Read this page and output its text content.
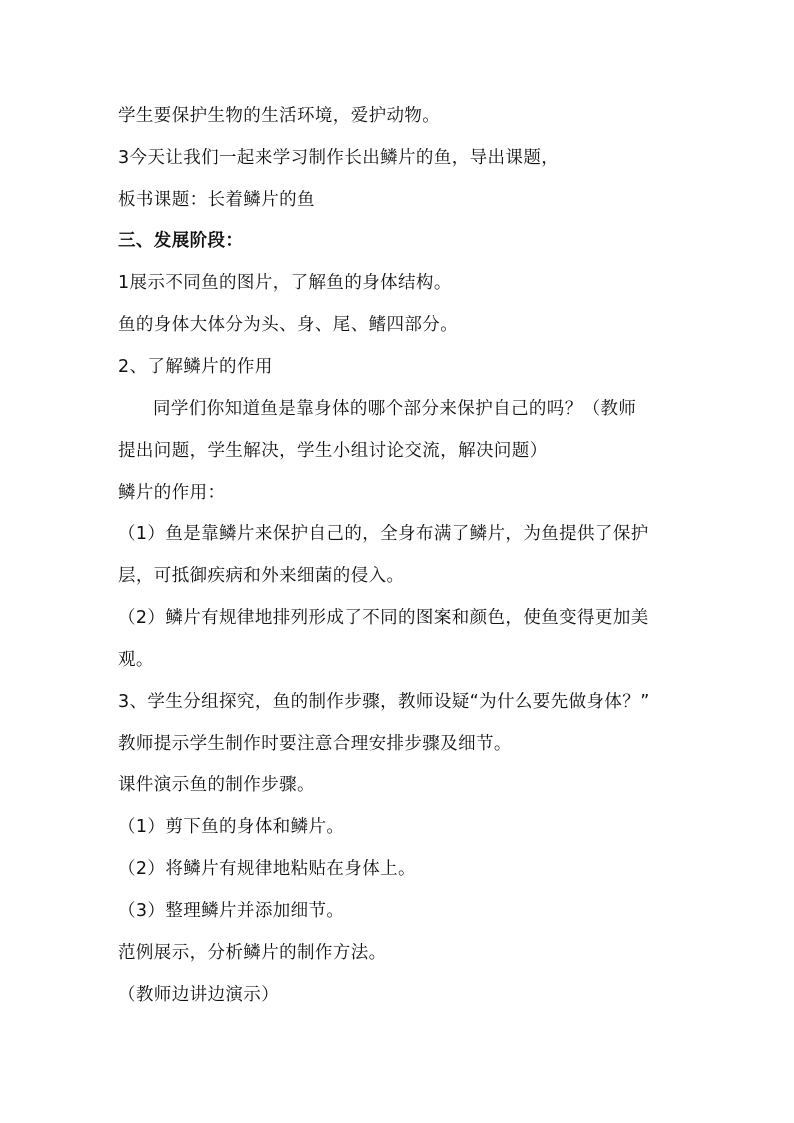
学生要保护生物的生活环境，爱护动物。
3今天让我们一起来学习制作长出鳞片的鱼，导出课题，
板书课题：长着鳞片的鱼
三、发展阶段：
1展示不同鱼的图片，了解鱼的身体结构。
鱼的身体大体分为头、身、尾、鳍四部分。
2、了解鳞片的作用
同学们你知道鱼是靠身体的哪个部分来保护自己的吗？（教师
提出问题，学生解决，学生小组讨论交流，解决问题）
鳞片的作用：
（1）鱼是靠鳞片来保护自己的，全身布满了鳞片，为鱼提供了保护
层，可抵御疾病和外来细菌的侵入。
（2）鳞片有规律地排列形成了不同的图案和颜色，使鱼变得更加美
观。
3、学生分组探究，鱼的制作步骤，教师设疑“为什么要先做身体？”
教师提示学生制作时要注意合理安排步骤及细节。
课件演示鱼的制作步骤。
（1）剪下鱼的身体和鳞片。
（2）将鳞片有规律地粘贴在身体上。
（3）整理鳞片并添加细节。
范例展示，分析鳞片的制作方法。
（教师边讲边演示）
